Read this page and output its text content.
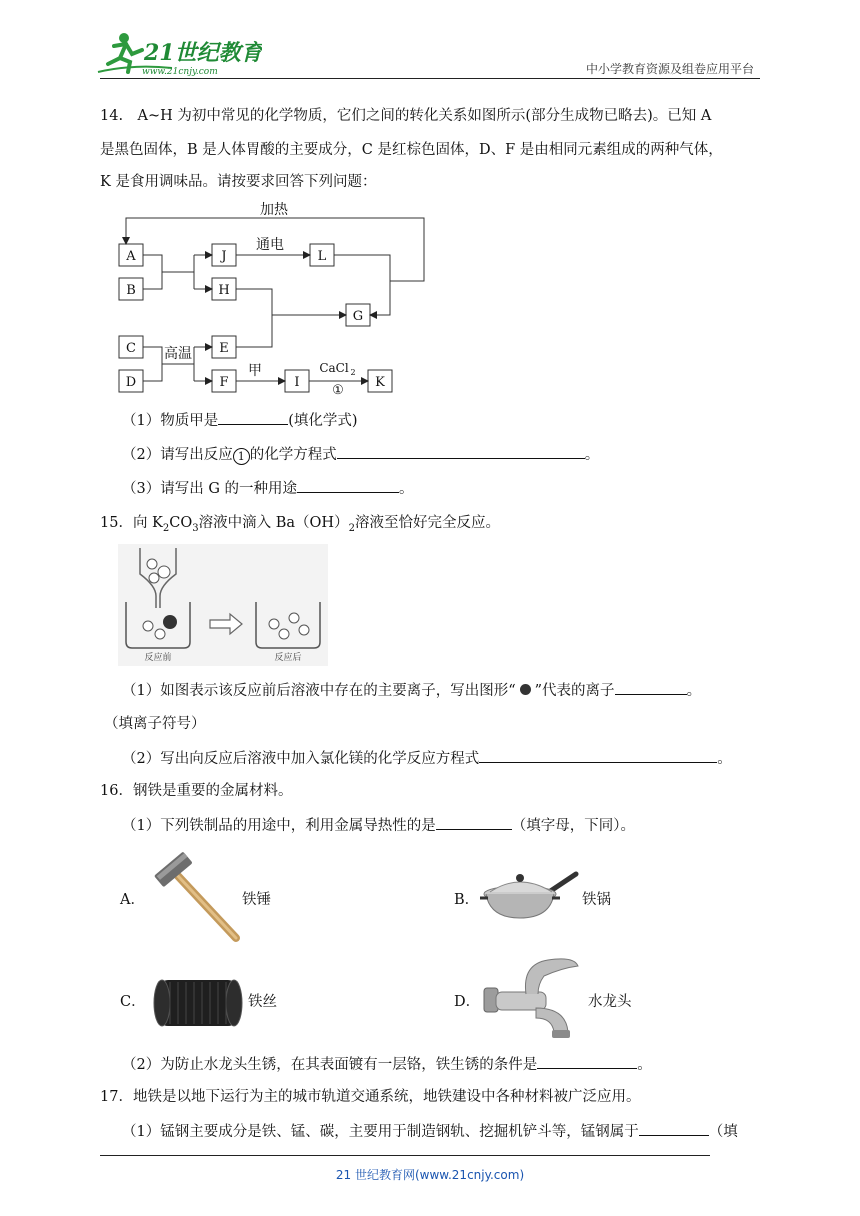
21世纪教育
www.21cnjy.com	中小学教育资源及组卷应用平台
14.　A~H 为初中常见的化学物质，它们之间的转化关系如图所示(部分生成物已略去)。已知 A
是黑色固体，B 是人体胃酸的主要成分，C 是红棕色固体，D、F 是由相同元素组成的两种气体，
K 是食用调味品。请按要求回答下列问题：
A
B
C
D
J
H
E
F
L
G
I	K
加热
通电
高温
甲	CaCl 2
①
（1）物质甲是	(填化学式)
（2）请写出反应 1 的化学方程式	。
（3）请写出 G 的一种用途	。
15．向 $K_2CO_3$溶液中滴入 $Ba(OH)_2$溶液至恰好完全反应。
反应前	反应后
（1）如图表示该反应前后溶液中存在的主要离子，写出图形“ ”代表的离子	。
（填离子符号）
（2）写出向反应后溶液中加入氯化镁的化学反应方程式	。
16．钢铁是重要的金属材料。
（1）下列铁制品的用途中，利用金属导热性的是	（填字母，下同）。
A．	铁锤	B．	铁锅
C．	铁丝	D．	水龙头
（2）为防止水龙头生锈，在其表面镀有一层铬，铁生锈的条件是	。
17．地铁是以地下运行为主的城市轨道交通系统，地铁建设中各种材料被广泛应用。
（1）锰钢主要成分是铁、锰、碳，主要用于制造钢轨、挖掘机铲斗等，锰钢属于	（填
21 世纪教育网(www.21cnjy.com)
